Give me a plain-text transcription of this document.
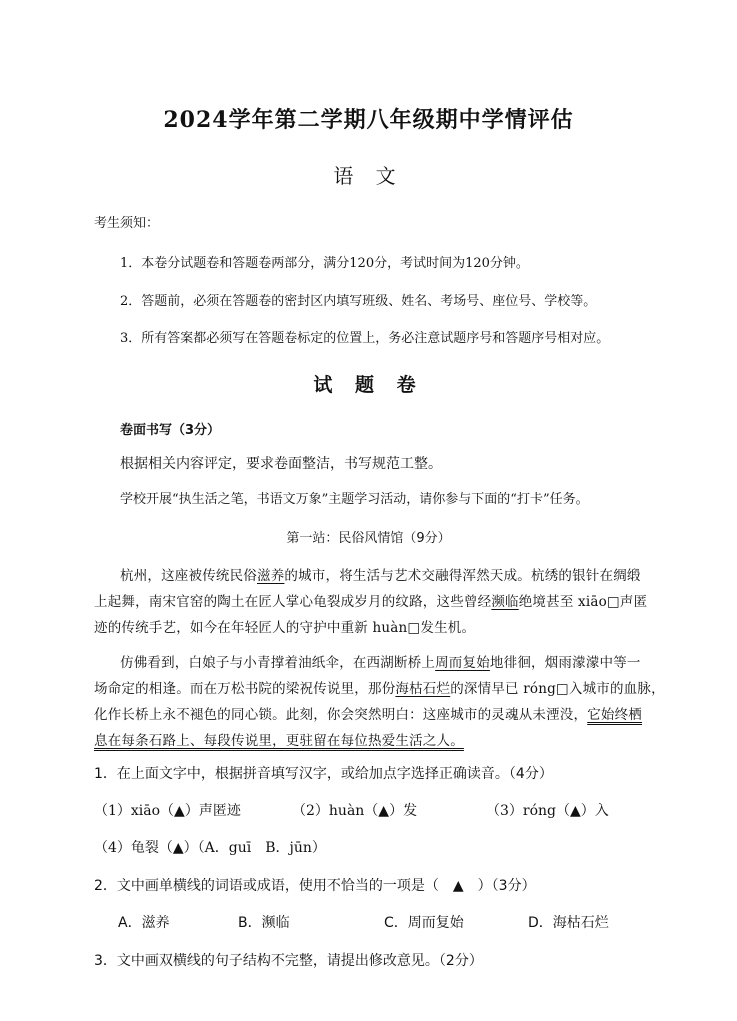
2024学年第二学期八年级期中学情评估
语 文
考生须知：
1．本卷分试题卷和答题卷两部分，满分120分，考试时间为120分钟。
2．答题前，必须在答题卷的密封区内填写班级、姓名、考场号、座位号、学校等。
3．所有答案都必须写在答题卷标定的位置上，务必注意试题序号和答题序号相对应。
试 题 卷
卷面书写（3分）
根据相关内容评定，要求卷面整洁，书写规范工整。
学校开展“执生活之笔，书语文万象”主题学习活动，请你参与下面的“打卡”任务。
第一站：民俗风情馆（9分）
杭州，这座被传统民俗滋养的城市，将生活与艺术交融得浑然天成。杭绣的银针在绸缎
上起舞，南宋官窑的陶土在匠人掌心龟裂成岁月的纹路，这些曾经濒临绝境甚至 xiāo□声匿
迹的传统手艺，如今在年轻匠人的守护中重新 huàn□发生机。
仿佛看到，白娘子与小青撑着油纸伞，在西湖断桥上周而复始地徘徊，烟雨濛濛中等一
场命定的相逢。而在万松书院的梁祝传说里，那份海枯石烂的深情早已 róng□入城市的血脉，
化作长桥上永不褪色的同心锁。此刻，你会突然明白：这座城市的灵魂从未湮没，它始终栖
息在每条石路上、每段传说里，更驻留在每位热爱生活之人。
1．在上面文字中，根据拼音填写汉字，或给加点字选择正确读音。（4分）
（1）xiāo（▲）声匿迹	（2）huàn（▲）发	（3）róng（▲）入
（4）龟裂（▲）（A．guī　B．jūn）
2．文中画单横线的词语或成语，使用不恰当的一项是（　▲　）（3分）
A．滋养	B．濒临	C．周而复始	D．海枯石烂
3．文中画双横线的句子结构不完整，请提出修改意见。（2分）
